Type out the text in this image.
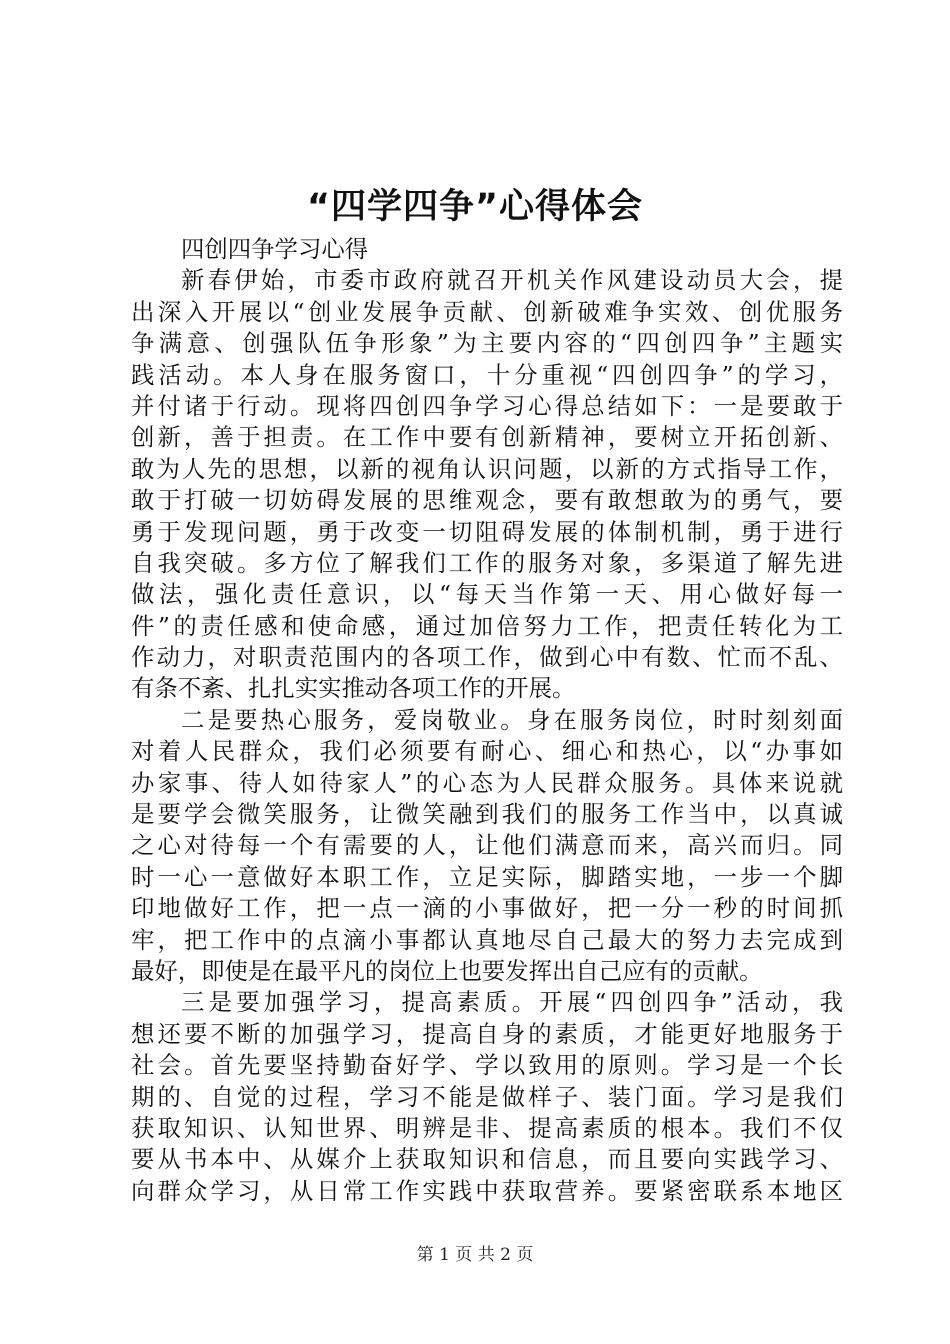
“四学四争”心得体会
四创四争学习心得
新春伊始，市委市政府就召开机关作风建设动员大会，提
出深入开展以“创业发展争贡献、创新破难争实效、创优服务
争满意、创强队伍争形象”为主要内容的“四创四争”主题实
践活动。本人身在服务窗口，十分重视“四创四争”的学习，
并付诸于行动。现将四创四争学习心得总结如下：一是要敢于
创新，善于担责。在工作中要有创新精神，要树立开拓创新、
敢为人先的思想，以新的视角认识问题，以新的方式指导工作，
敢于打破一切妨碍发展的思维观念，要有敢想敢为的勇气，要
勇于发现问题，勇于改变一切阻碍发展的体制机制，勇于进行
自我突破。多方位了解我们工作的服务对象，多渠道了解先进
做法，强化责任意识，以“每天当作第一天、用心做好每一
件”的责任感和使命感，通过加倍努力工作，把责任转化为工
作动力，对职责范围内的各项工作，做到心中有数、忙而不乱、
有条不紊、扎扎实实推动各项工作的开展。
二是要热心服务，爱岗敬业。身在服务岗位，时时刻刻面
对着人民群众，我们必须要有耐心、细心和热心，以“办事如
办家事、待人如待家人”的心态为人民群众服务。具体来说就
是要学会微笑服务，让微笑融到我们的服务工作当中，以真诚
之心对待每一个有需要的人，让他们满意而来，高兴而归。同
时一心一意做好本职工作，立足实际，脚踏实地，一步一个脚
印地做好工作，把一点一滴的小事做好，把一分一秒的时间抓
牢，把工作中的点滴小事都认真地尽自己最大的努力去完成到
最好，即使是在最平凡的岗位上也要发挥出自己应有的贡献。
三是要加强学习，提高素质。开展“四创四争”活动，我
想还要不断的加强学习，提高自身的素质，才能更好地服务于
社会。首先要坚持勤奋好学、学以致用的原则。学习是一个长
期的、自觉的过程，学习不能是做样子、装门面。学习是我们
获取知识、认知世界、明辨是非、提高素质的根本。我们不仅
要从书本中、从媒介上获取知识和信息，而且要向实践学习、
向群众学习，从日常工作实践中获取营养。要紧密联系本地区
第 1 页 共 2 页
